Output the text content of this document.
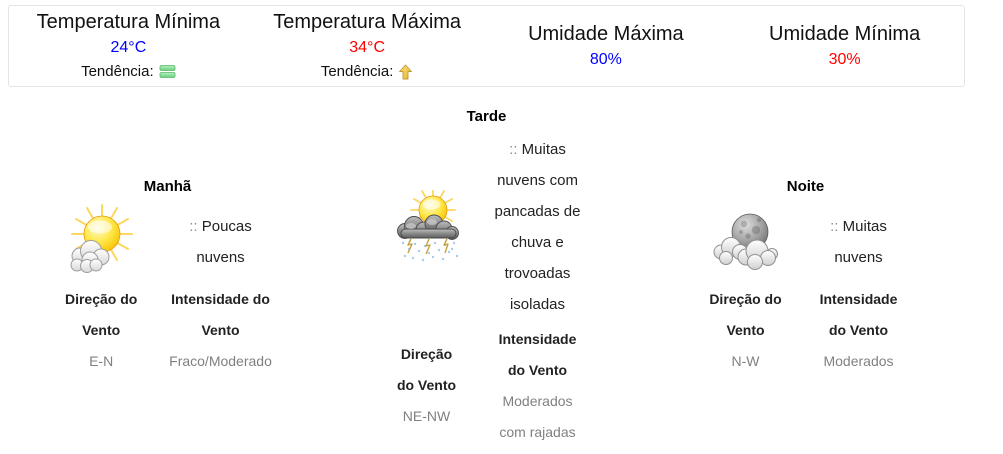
Temperatura Mínima
24°C
Tendência:
Temperatura Máxima
34°C
Tendência:
Umidade Máxima
80%
Umidade Mínima
30%
Manhã	

	:: Poucas nuvens

Direção do Vento
E-N

Intensidade do Vento
Fraco/Moderado
Tarde	

	:: Muitas nuvens com pancadas de chuva e trovoadas isoladas

Direção do Vento
NE-NW

Intensidade do Vento
Moderados com rajadas
Noite	

	:: Muitas nuvens

Direção do Vento
N-W

Intensidade do Vento
Moderados
